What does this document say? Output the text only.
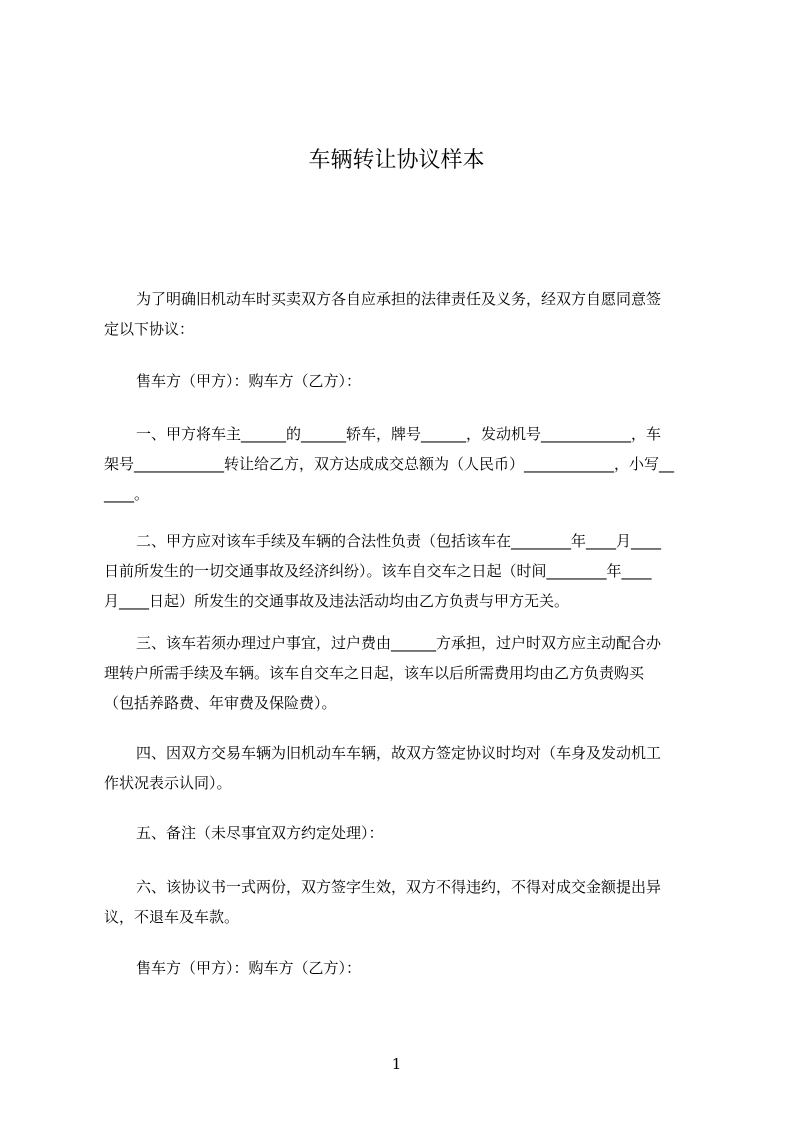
车辆转让协议样本
为了明确旧机动车时买卖双方各自应承担的法律责任及义务，经双方自愿同意签
定以下协议：
售车方（甲方）：购车方（乙方）：
一、甲方将车主______的______轿车，牌号______，发动机号____________，车
架号____________转让给乙方，双方达成成交总额为（人民币）____________，小写__
____。
二、甲方应对该车手续及车辆的合法性负责（包括该车在________年____月____
日前所发生的一切交通事故及经济纠纷）。该车自交车之日起（时间________年____
月____日起）所发生的交通事故及违法活动均由乙方负责与甲方无关。
三、该车若须办理过户事宜，过户费由______方承担，过户时双方应主动配合办
理转户所需手续及车辆。该车自交车之日起，该车以后所需费用均由乙方负责购买
（包括养路费、年审费及保险费）。
四、因双方交易车辆为旧机动车车辆，故双方签定协议时均对（车身及发动机工
作状况表示认同）。
五、备注（未尽事宜双方约定处理）：
六、该协议书一式两份，双方签字生效，双方不得违约，不得对成交金额提出异
议，不退车及车款。
售车方（甲方）：购车方（乙方）：
1
